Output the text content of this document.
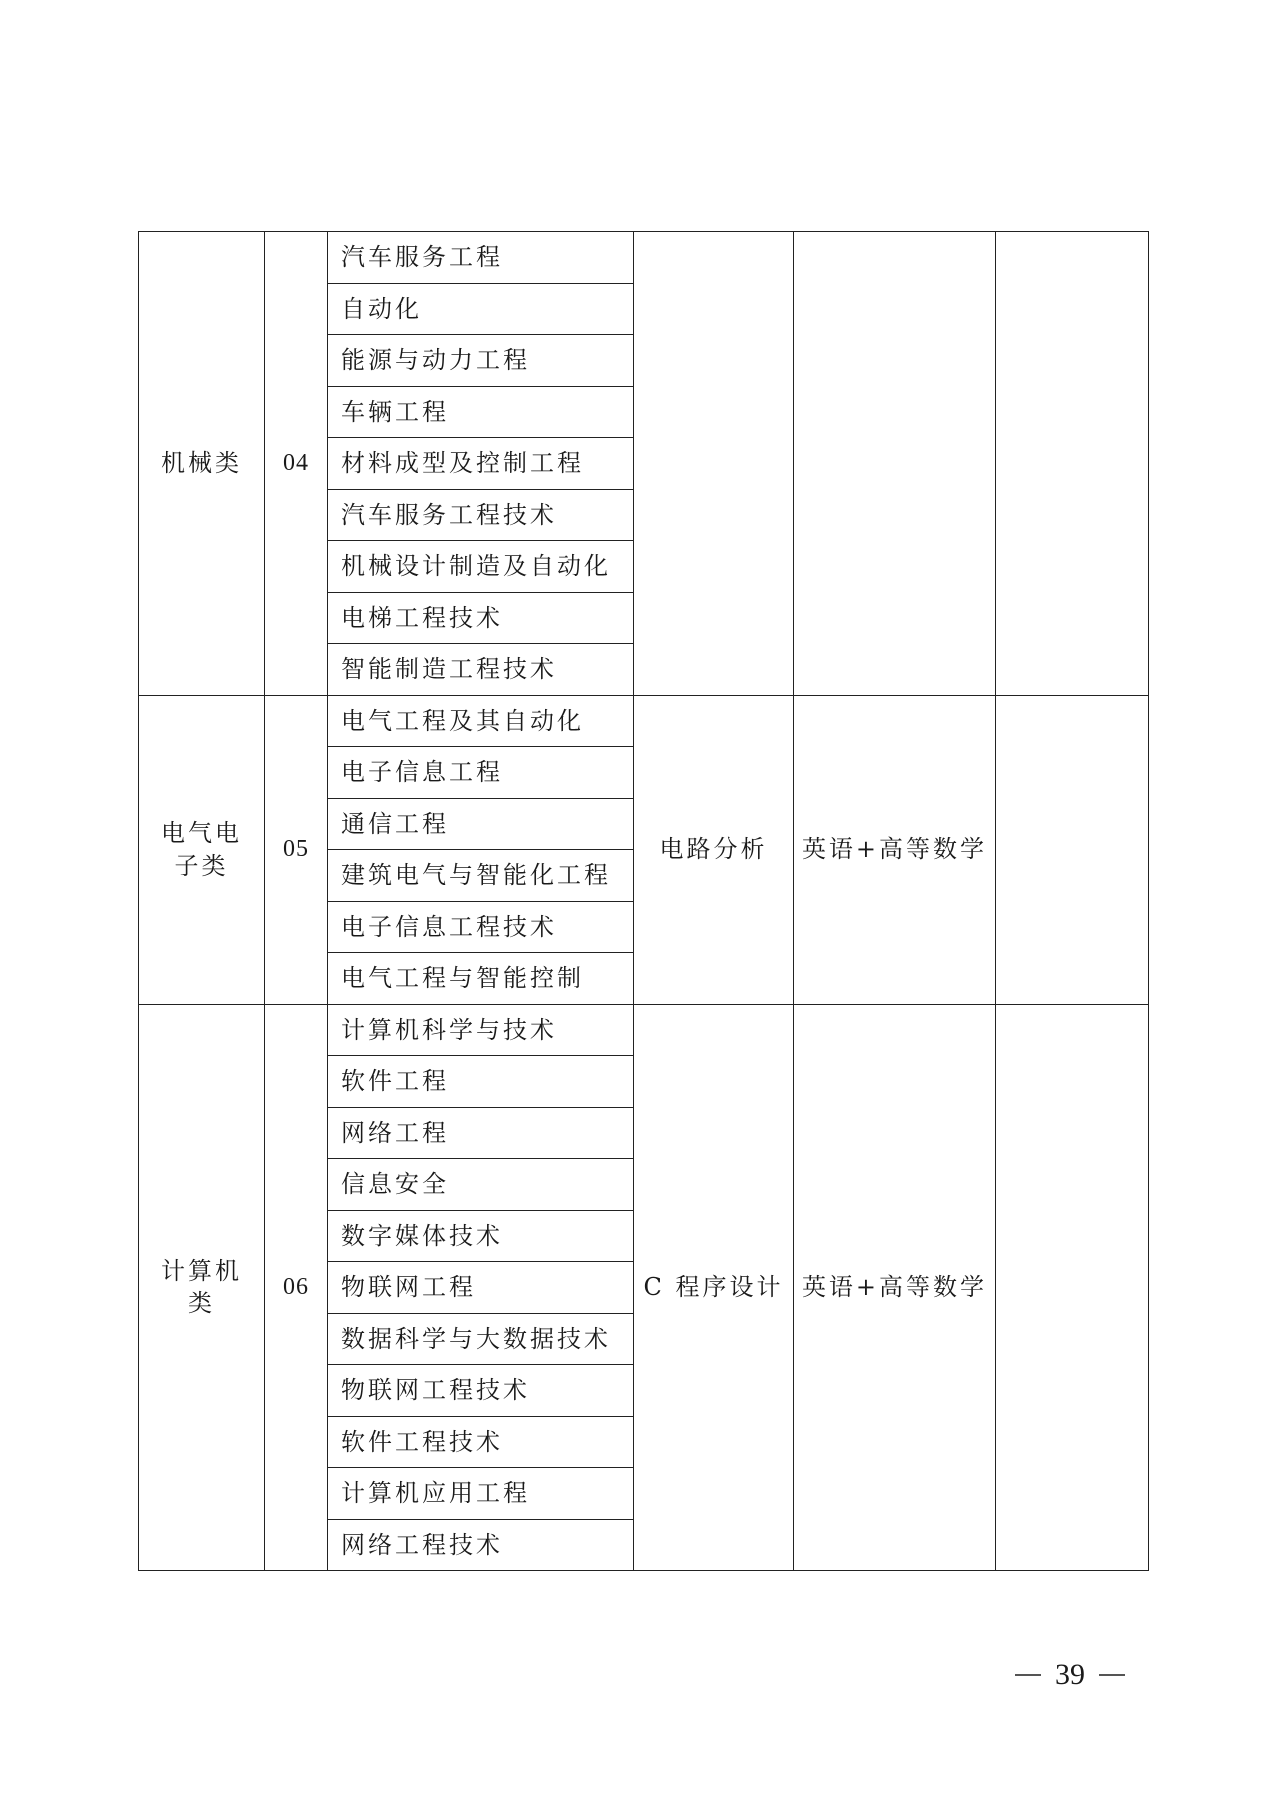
机械类	04	汽车服务工程			
		自动化			
		能源与动力工程			
		车辆工程			
		材料成型及控制工程			
		汽车服务工程技术			
		机械设计制造及自动化			
		电梯工程技术			
		智能制造工程技术			
电气电子类	05	电气工程及其自动化	电路分析	英语+高等数学	
		电子信息工程			
		通信工程			
		建筑电气与智能化工程			
		电子信息工程技术			
		电气工程与智能控制			
计算机类	06	计算机科学与技术	C 程序设计	英语+高等数学	
		软件工程			
		网络工程			
		信息安全			
		数字媒体技术			
		物联网工程			
		数据科学与大数据技术			
		物联网工程技术			
		软件工程技术			
		计算机应用工程			
		网络工程技术			
39
